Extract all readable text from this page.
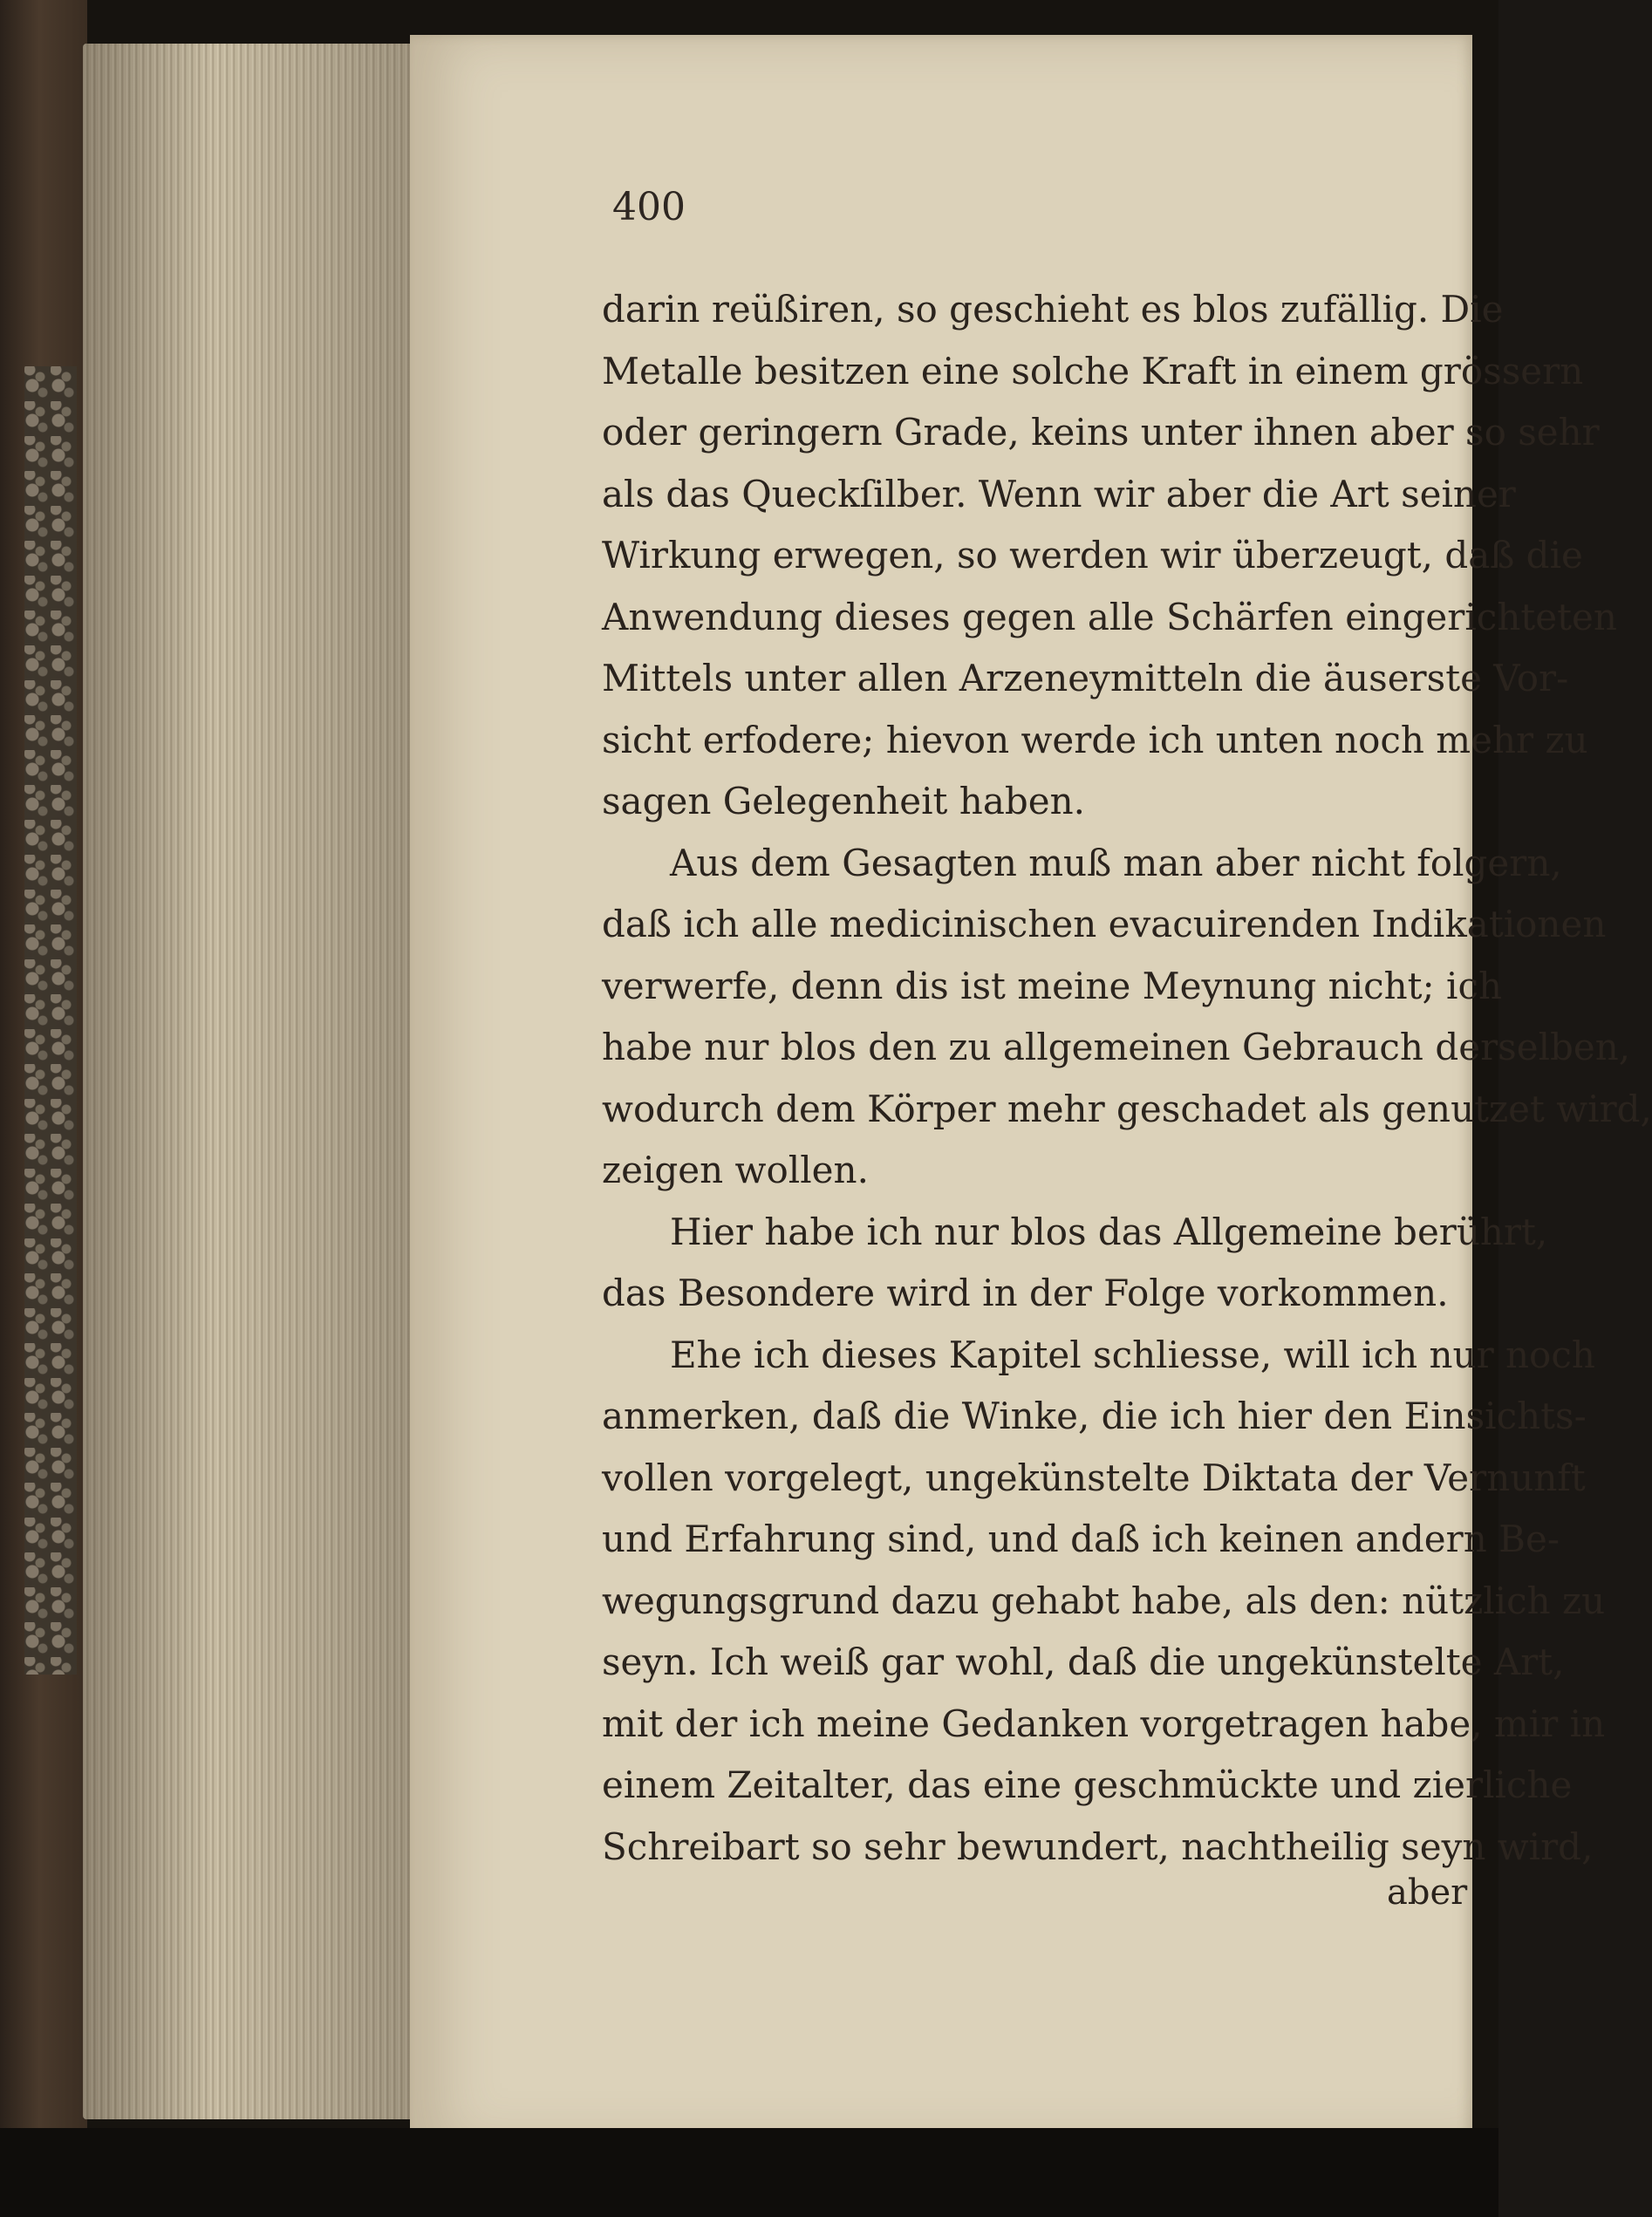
400

darin reüßiren, so geschieht es blos zufällig. Die
Metalle besitzen eine solche Kraft in einem grössern
oder geringern Grade, keins unter ihnen aber so sehr
als das Queckſilber. Wenn wir aber die Art seiner
Wirkung erwegen, so werden wir überzeugt, daß die
Anwendung dieses gegen alle Schärfen eingerichteten
Mittels unter allen Arzeneymitteln die äuserste Vor-
sicht erfodere; hievon werde ich unten noch mehr zu
sagen Gelegenheit haben.
Aus dem Gesagten muß man aber nicht folgern,
daß ich alle medicinischen evacuirenden Indikationen
verwerfe, denn dis ist meine Meynung nicht; ich
habe nur blos den zu allgemeinen Gebrauch derselben,
wodurch dem Körper mehr geschadet als genutzet wird,
zeigen wollen.
Hier habe ich nur blos das Allgemeine berührt,
das Besondere wird in der Folge vorkommen.
Ehe ich dieses Kapitel schliesse, will ich nur noch
anmerken, daß die Winke, die ich hier den Einsichts-
vollen vorgelegt, ungekünstelte Diktata der Vernunft
und Erfahrung sind, und daß ich keinen andern Be-
wegungsgrund dazu gehabt habe, als den: nützlich zu
seyn. Ich weiß gar wohl, daß die ungekünstelte Art,
mit der ich meine Gedanken vorgetragen habe, mir in
einem Zeitalter, das eine geschmückte und zierliche
Schreibart so sehr bewundert, nachtheilig seyn wird,
aber
